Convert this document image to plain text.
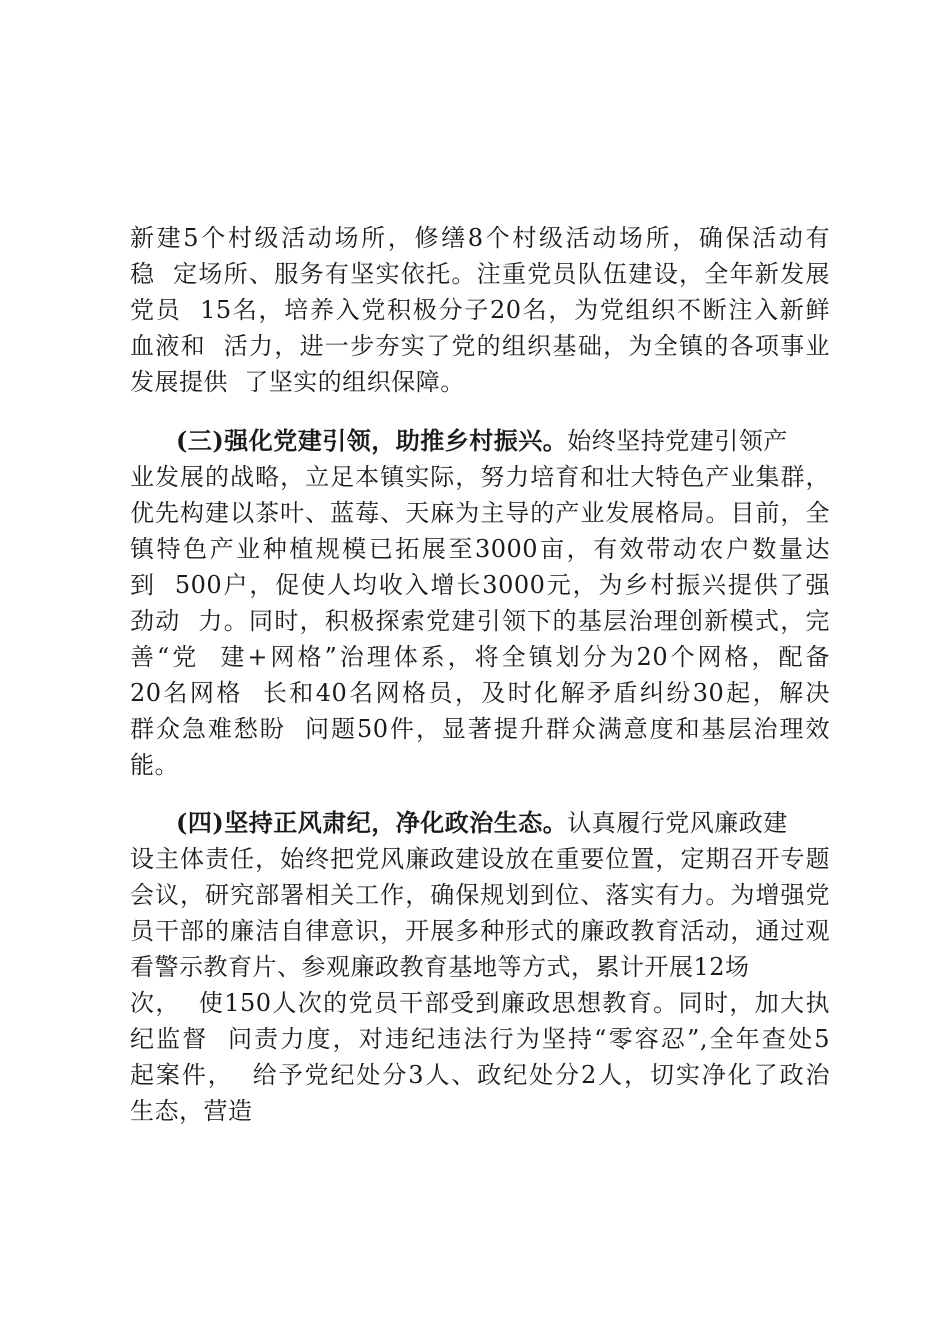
新建5个村级活动场所，修缮8个村级活动场所，确保活动有
稳  定场所、服务有坚实依托。注重党员队伍建设，全年新发展
党员  15名，培养入党积极分子20名，为党组织不断注入新鲜
血液和  活力，进一步夯实了党的组织基础，为全镇的各项事业
发展提供  了坚实的组织保障。
(三)强化党建引领，助推乡村振兴。始终坚持党建引领产
业发展的战略，立足本镇实际，努力培育和壮大特色产业集群，
优先构建以茶叶、蓝莓、天麻为主导的产业发展格局。目前，全
镇特色产业种植规模已拓展至3000亩，有效带动农户数量达
到  500户，促使人均收入增长3000元，为乡村振兴提供了强
劲动  力。同时，积极探索党建引领下的基层治理创新模式，完
善“党  建+网格”治理体系，将全镇划分为20个网格，配备
20名网格  长和40名网格员，及时化解矛盾纠纷30起，解决
群众急难愁盼  问题50件，显著提升群众满意度和基层治理效
能。
(四)坚持正风肃纪，净化政治生态。认真履行党风廉政建
设主体责任，始终把党风廉政建设放在重要位置，定期召开专题
会议，研究部署相关工作，确保规划到位、落实有力。为增强党
员干部的廉洁自律意识，开展多种形式的廉政教育活动，通过观
看警示教育片、参观廉政教育基地等方式，累计开展12场
次，  使150人次的党员干部受到廉政思想教育。同时，加大执
纪监督  问责力度，对违纪违法行为坚持“零容忍”,全年查处5
起案件，  给予党纪处分3人、政纪处分2人，切实净化了政治
生态，营造
